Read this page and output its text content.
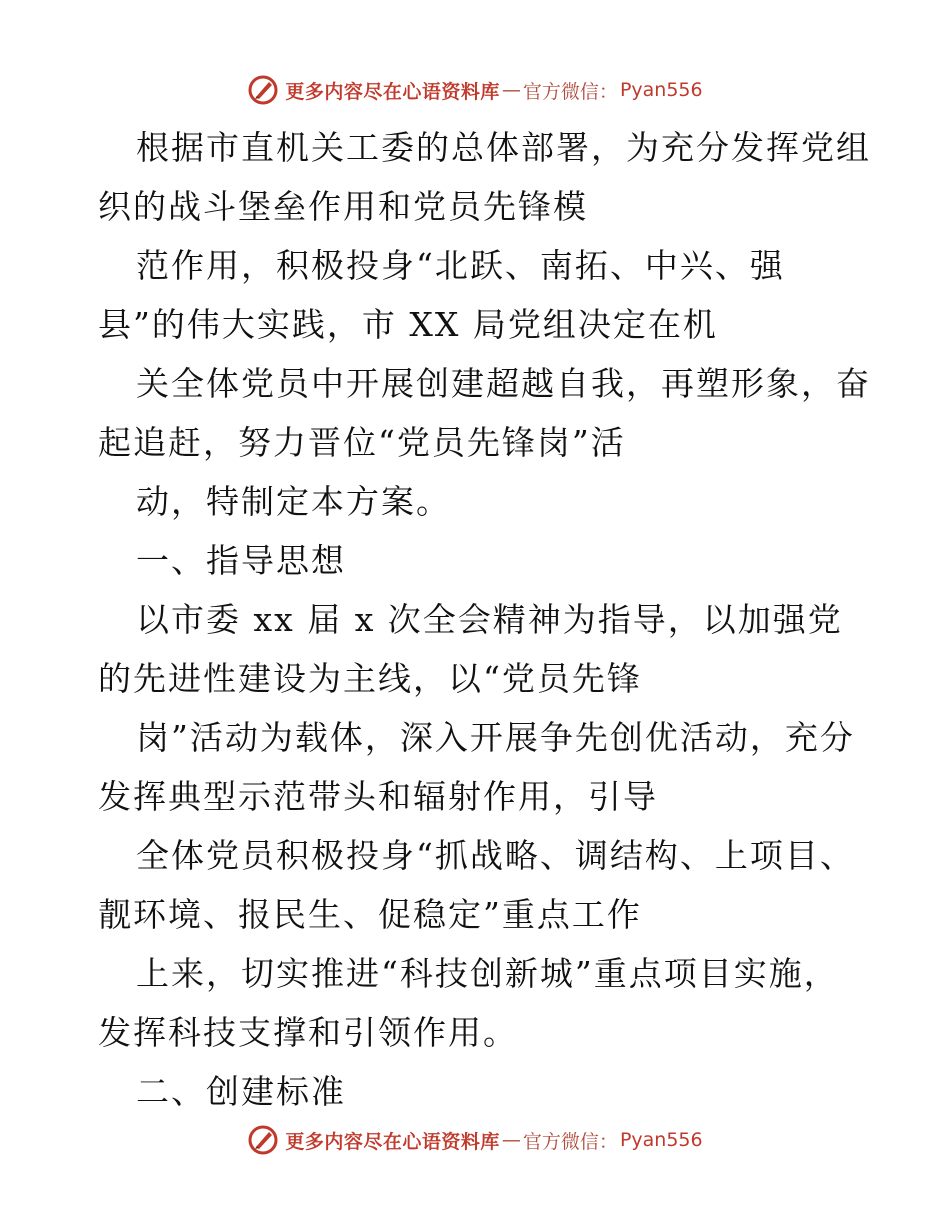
更多内容尽在心语资料库 — 官方微信： Pyan556
根据市直机关工委的总体部署，为充分发挥党组
织的战斗堡垒作用和党员先锋模
范作用，积极投身“北跃、南拓、中兴、强
县”的伟大实践，市 XX 局党组决定在机
关全体党员中开展创建超越自我，再塑形象，奋
起追赶，努力晋位“党员先锋岗”活
动，特制定本方案。
一、指导思想
以市委 xx 届 x 次全会精神为指导，以加强党
的先进性建设为主线，以“党员先锋
岗”活动为载体，深入开展争先创优活动，充分
发挥典型示范带头和辐射作用，引导
全体党员积极投身“抓战略、调结构、上项目、
靓环境、报民生、促稳定”重点工作
上来，切实推进“科技创新城”重点项目实施，
发挥科技支撑和引领作用。
二、创建标准
更多内容尽在心语资料库 — 官方微信： Pyan556
